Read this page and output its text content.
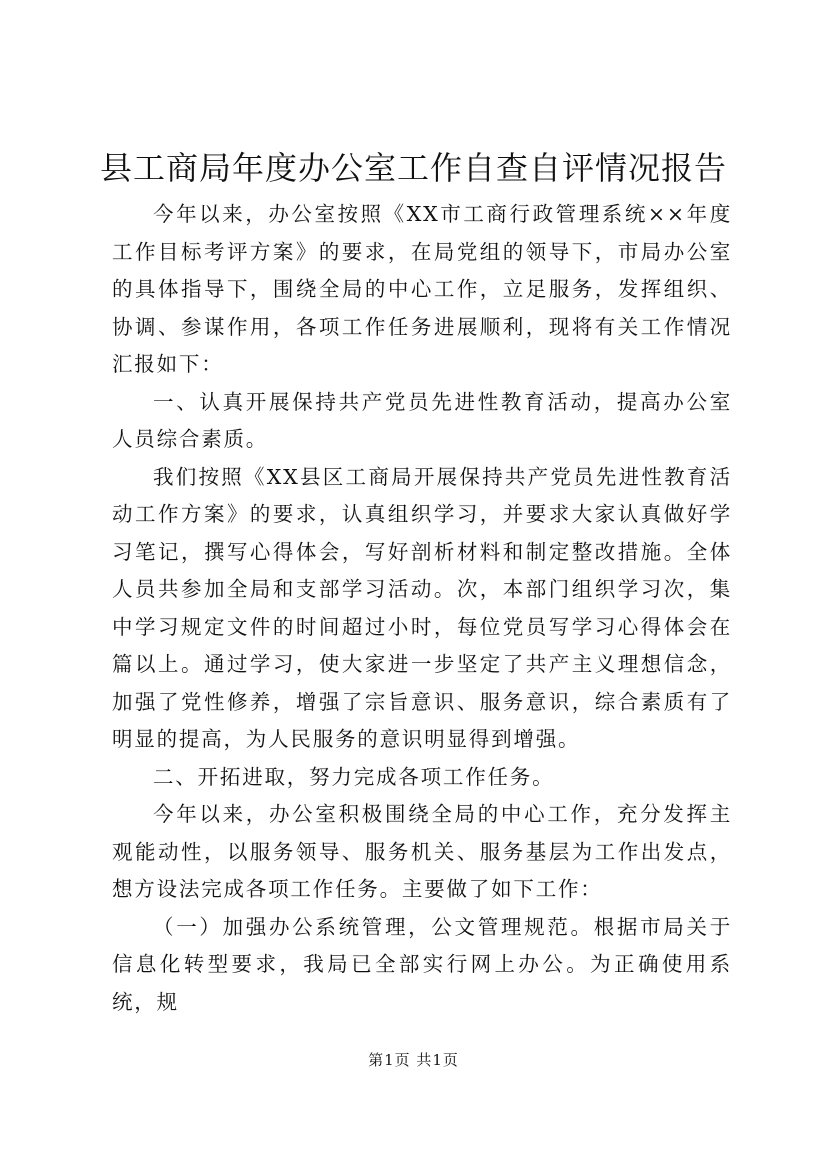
县工商局年度办公室工作自查自评情况报告

今年以来，办公室按照《XX市工商行政管理系统××年度工作目标考评方案》的要求，在局党组的领导下，市局办公室的具体指导下，围绕全局的中心工作，立足服务，发挥组织、协调、参谋作用，各项工作任务进展顺利，现将有关工作情况汇报如下：

一、认真开展保持共产党员先进性教育活动，提高办公室人员综合素质。

我们按照《XX县区工商局开展保持共产党员先进性教育活动工作方案》的要求，认真组织学习，并要求大家认真做好学习笔记，撰写心得体会，写好剖析材料和制定整改措施。全体人员共参加全局和支部学习活动。次，本部门组织学习次，集中学习规定文件的时间超过小时，每位党员写学习心得体会在篇以上。通过学习，使大家进一步坚定了共产主义理想信念，加强了党性修养，增强了宗旨意识、服务意识，综合素质有了明显的提高，为人民服务的意识明显得到增强。

二、开拓进取，努力完成各项工作任务。

今年以来，办公室积极围绕全局的中心工作，充分发挥主观能动性，以服务领导、服务机关、服务基层为工作出发点，想方设法完成各项工作任务。主要做了如下工作：

（一）加强办公系统管理，公文管理规范。根据市局关于信息化转型要求，我局已全部实行网上办公。为正确使用系统，规

第1页 共1页
